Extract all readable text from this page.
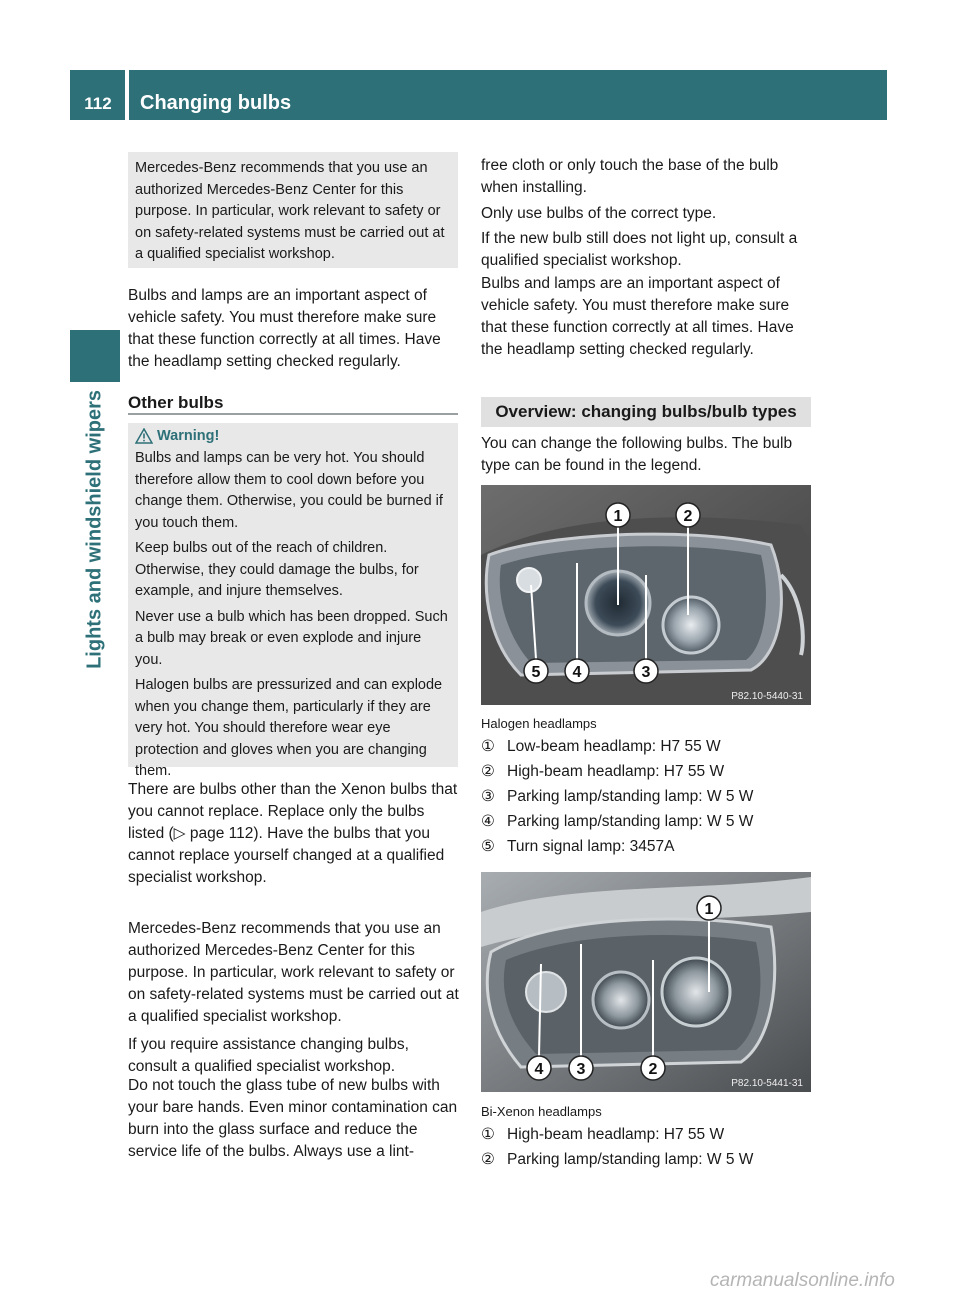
112	Changing bulbs
Lights and windshield wipers
Mercedes-Benz recommends that you use an authorized Mercedes-Benz Center for this purpose. In particular, work relevant to safety or on safety-related systems must be carried out at a qualified specialist workshop.
Bulbs and lamps are an important aspect of vehicle safety. You must therefore make sure that these function correctly at all times. Have the headlamp setting checked regularly.
Other bulbs
Warning!
Bulbs and lamps can be very hot. You should therefore allow them to cool down before you change them. Otherwise, you could be burned if you touch them.
Keep bulbs out of the reach of children. Otherwise, they could damage the bulbs, for example, and injure themselves.
Never use a bulb which has been dropped. Such a bulb may break or even explode and injure you.
Halogen bulbs are pressurized and can explode when you change them, particularly if they are very hot. You should therefore wear eye protection and gloves when you are changing them.
There are bulbs other than the Xenon bulbs that you cannot replace. Replace only the bulbs listed (▷ page 112). Have the bulbs that you cannot replace yourself changed at a qualified specialist workshop.
Mercedes-Benz recommends that you use an authorized Mercedes-Benz Center for this purpose. In particular, work relevant to safety or on safety-related systems must be carried out at a qualified specialist workshop.
If you require assistance changing bulbs, consult a qualified specialist workshop.
Do not touch the glass tube of new bulbs with your bare hands. Even minor contamination can burn into the glass surface and reduce the service life of the bulbs. Always use a lint-
free cloth or only touch the base of the bulb when installing.
Only use bulbs of the correct type.
If the new bulb still does not light up, consult a qualified specialist workshop.
Bulbs and lamps are an important aspect of vehicle safety. You must therefore make sure that these function correctly at all times. Have the headlamp setting checked regularly.
Overview: changing bulbs/bulb types
You can change the following bulbs. The bulb type can be found in the legend.
1	2
3
4
5
P82.10-5440-31
Halogen headlamps
① Low-beam headlamp: H7 55 W
② High-beam headlamp: H7 55 W
③ Parking lamp/standing lamp: W 5 W
④ Parking lamp/standing lamp: W 5 W
⑤ Turn signal lamp: 3457A
1
2
3
4
P82.10-5441-31
Bi-Xenon headlamps
① High-beam headlamp: H7 55 W
② Parking lamp/standing lamp: W 5 W
carmanualsonline.info
